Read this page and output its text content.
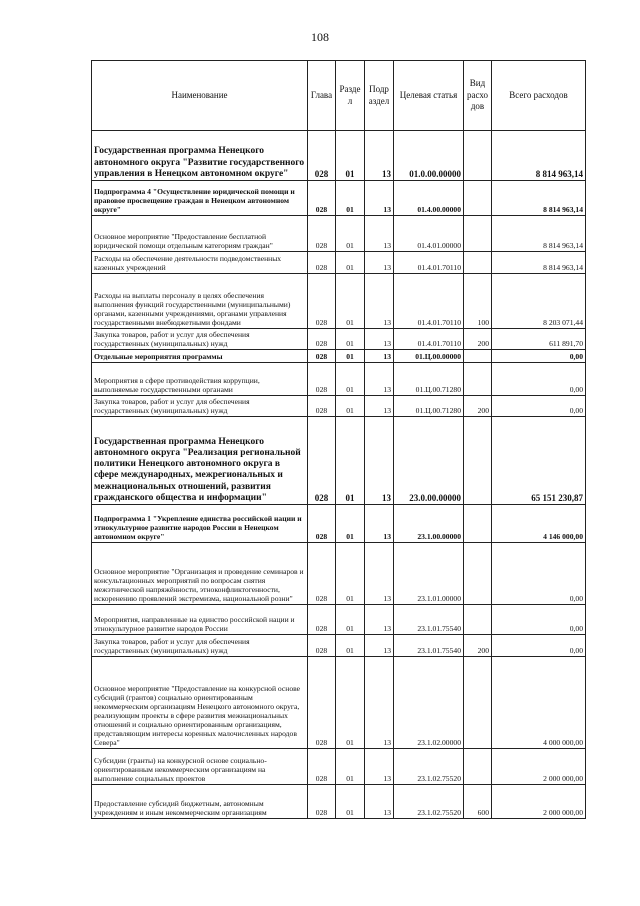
108
Наименование	Глава	Разде л	Подр аздел	Целевая статья	Вид расхо дов	Всего расходов
Государственная программа Ненецкого автономного округа "Развитие государственного управления в Ненецком автономном округе"	028	01	13	01.0.00.00000		8 814 963,14
Подпрограмма 4 "Осуществление юридической помощи и правовое просвещение граждан в Ненецком автономном округе"	028	01	13	01.4.00.00000		8 814 963,14
Основное мероприятие "Предоставление бесплатной юридической помощи отдельным категориям граждан"	028	01	13	01.4.01.00000		8 814 963,14
Расходы на обеспечение деятельности подведомственных казенных учреждений	028	01	13	01.4.01.70110		8 814 963,14
Расходы на выплаты персоналу в целях обеспечения выполнения функций государственными (муниципальными) органами, казенными учреждениями, органами управления государственными внебюджетными фондами	028	01	13	01.4.01.70110	100	8 203 071,44
Закупка товаров, работ и услуг для обеспечения государственных (муниципальных) нужд	028	01	13	01.4.01.70110	200	611 891,70
Отдельные мероприятия программы	028	01	13	01.Ц.00.00000		0,00
Мероприятия в сфере противодействия коррупции, выполняемые государственными органами	028	01	13	01.Ц.00.71280		0,00
Закупка товаров, работ и услуг для обеспечения государственных (муниципальных) нужд	028	01	13	01.Ц.00.71280	200	0,00
Государственная программа Ненецкого автономного округа "Реализация региональной политики Ненецкого автономного округа в сфере международных, межрегиональных и межнациональных отношений, развития гражданского общества и информации"	028	01	13	23.0.00.00000		65 151 230,87
Подпрограмма 1 "Укрепление единства российской нации и этнокультурное развитие народов России в Ненецком автономном округе"	028	01	13	23.1.00.00000		4 146 000,00
Основное мероприятие "Организация и проведение семинаров и консультационных мероприятий по вопросам снятия межэтнической напряжённости, этноконфликтогенности, искоренению проявлений экстремизма, национальной розни"	028	01	13	23.1.01.00000		0,00
Мероприятия, направленные на единство российской нации и этнокультурное развитие народов России	028	01	13	23.1.01.75540		0,00
Закупка товаров, работ и услуг для обеспечения государственных (муниципальных) нужд	028	01	13	23.1.01.75540	200	0,00
Основное мероприятие "Предоставление на конкурсной основе субсидий (грантов) социально ориентированным некоммерческим организациям Ненецкого автономного округа, реализующим проекты в сфере развития межнациональных отношений и социально ориентированным организациям, представляющим интересы коренных малочисленных народов Севера"	028	01	13	23.1.02.00000		4 000 000,00
Субсидии (гранты) на конкурсной основе социально-ориентированным некоммерческим организациям на выполнение социальных проектов	028	01	13	23.1.02.75520		2 000 000,00
Предоставление субсидий бюджетным, автономным учреждениям и иным некоммерческим организациям	028	01	13	23.1.02.75520	600	2 000 000,00
